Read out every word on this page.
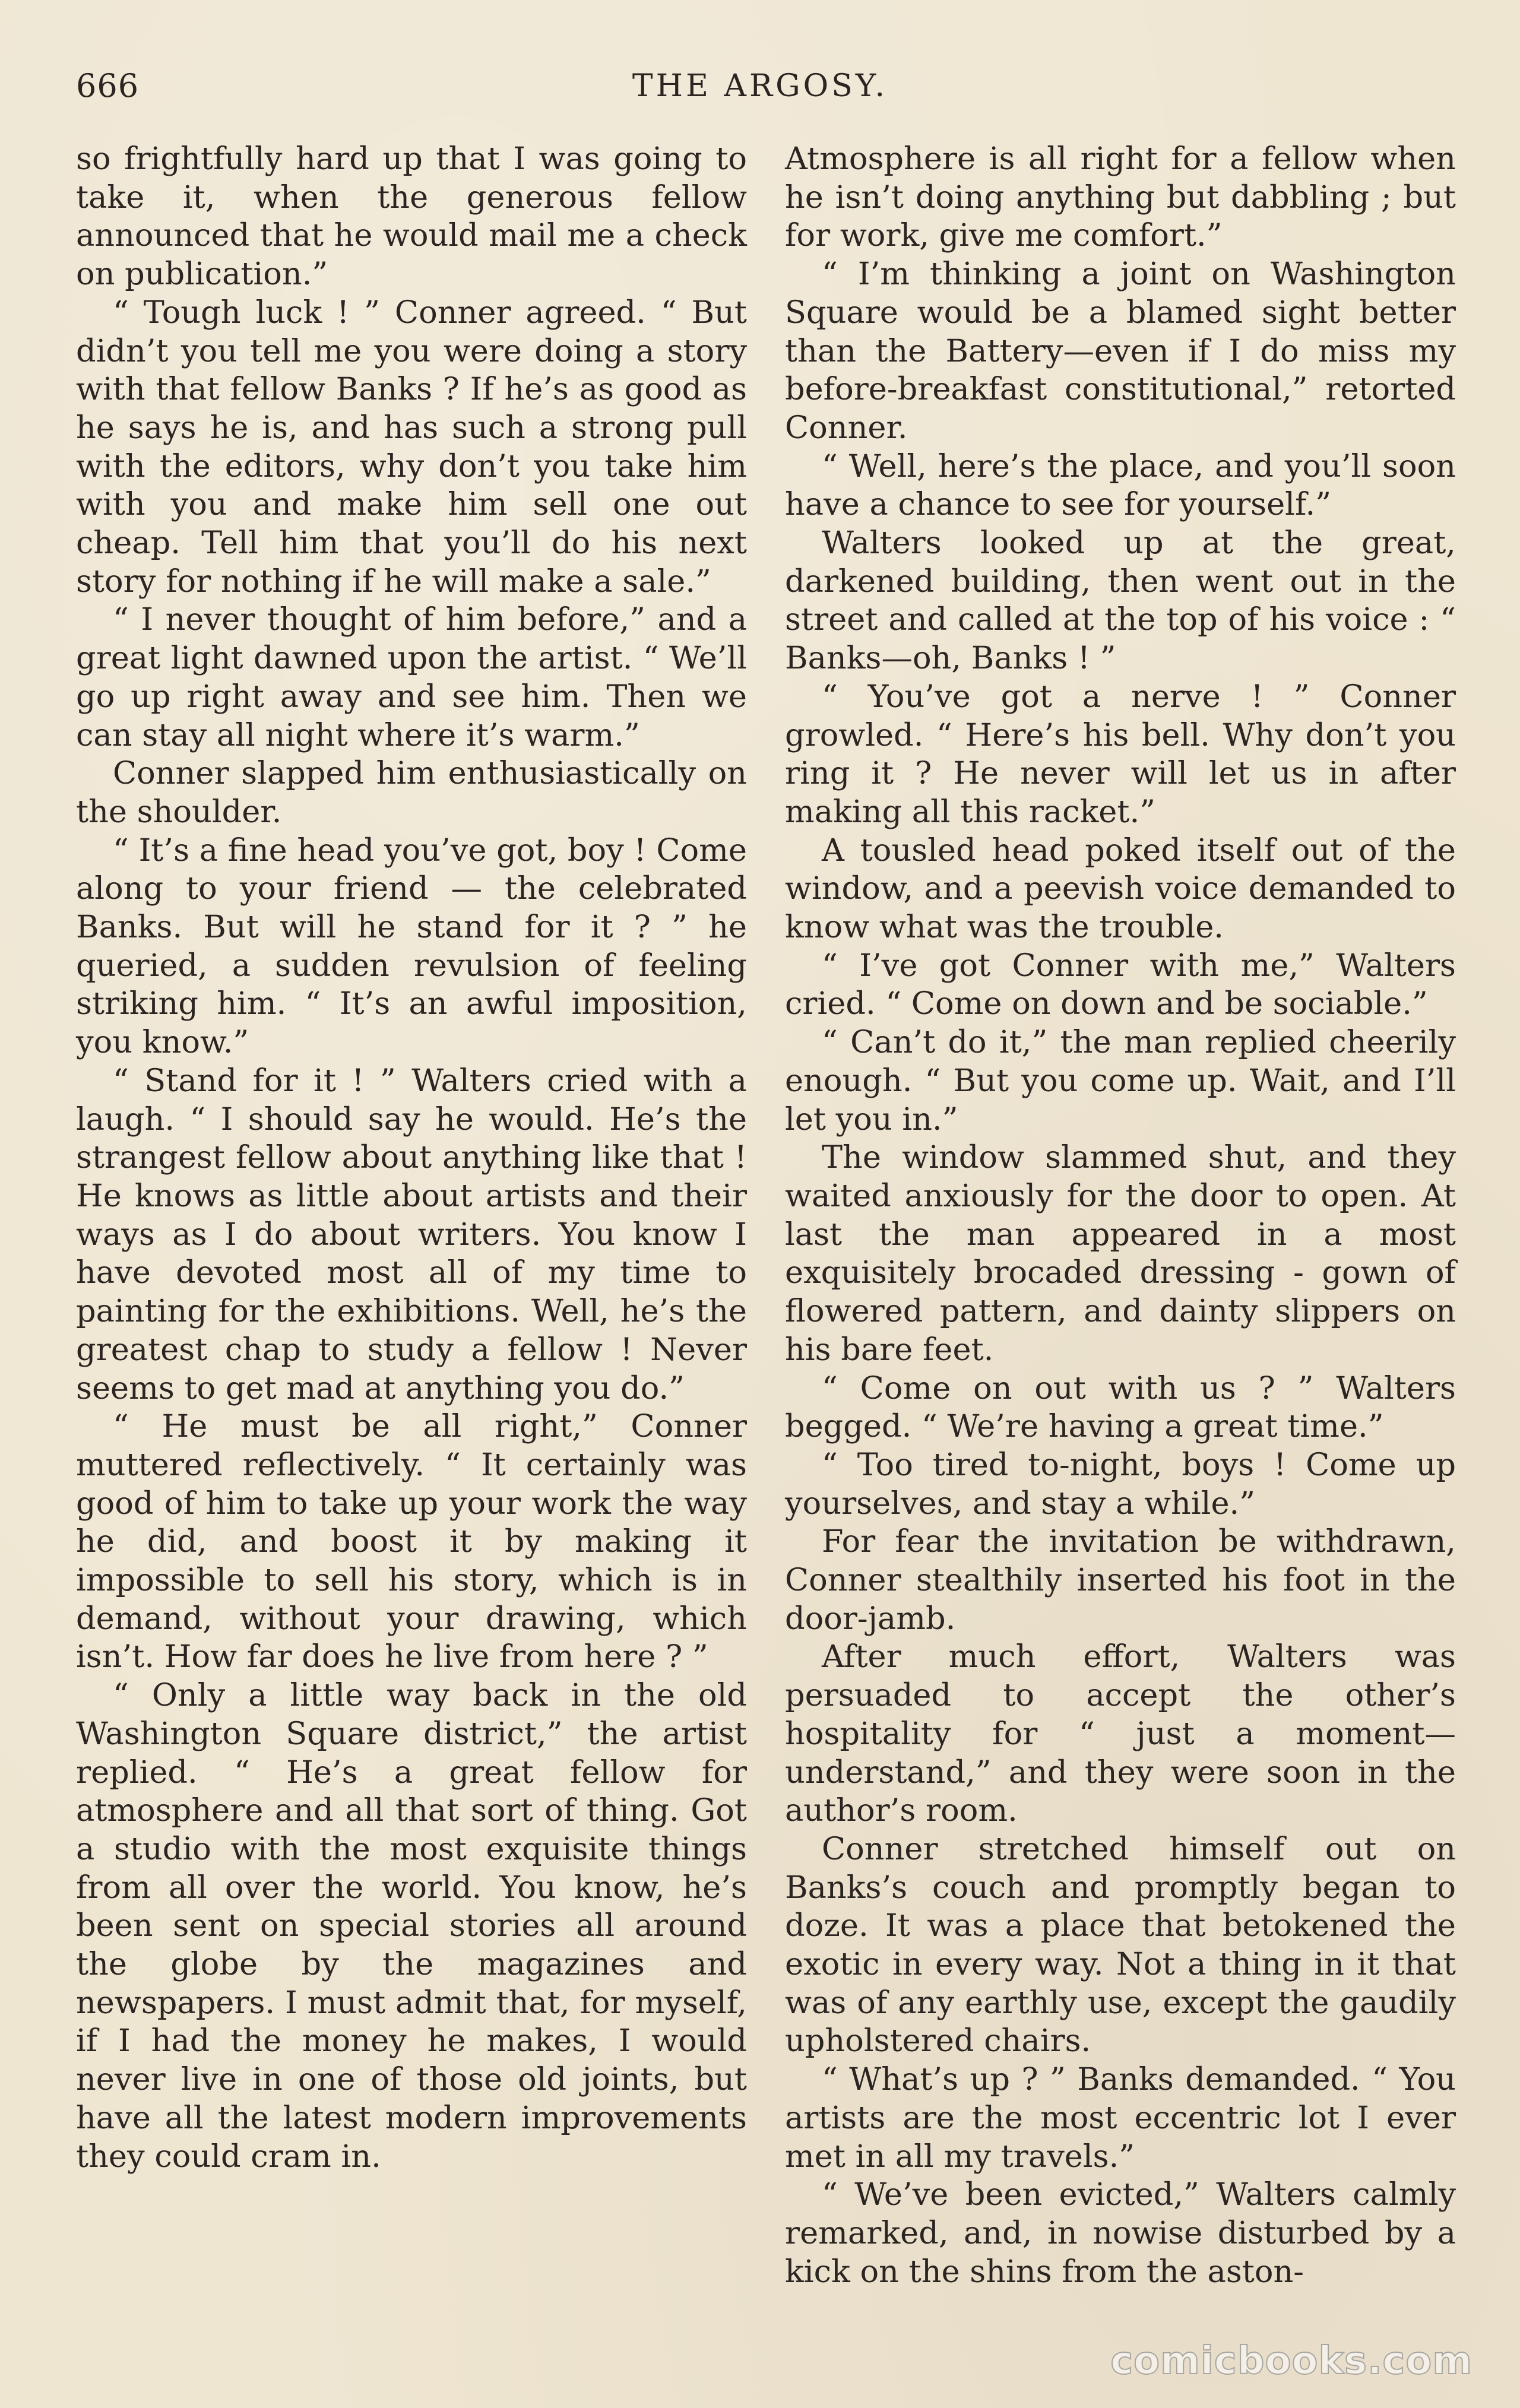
666	THE ARGOSY.

so frightfully hard up that I was going to take it, when the generous fellow announced that he would mail me a check on publication.”

“ Tough luck ! ” Conner agreed. “ But didn’t you tell me you were doing a story with that fellow Banks ? If he’s as good as he says he is, and has such a strong pull with the editors, why don’t you take him with you and make him sell one out cheap. Tell him that you’ll do his next story for nothing if he will make a sale.”

“ I never thought of him before,” and a great light dawned upon the artist. “ We’ll go up right away and see him. Then we can stay all night where it’s warm.”

Conner slapped him enthusiastically on the shoulder.

“ It’s a fine head you’ve got, boy ! Come along to your friend — the celebrated Banks. But will he stand for it ? ” he queried, a sudden revulsion of feeling striking him. “ It’s an awful imposition, you know.”

“ Stand for it ! ” Walters cried with a laugh. “ I should say he would. He’s the strangest fellow about anything like that ! He knows as little about artists and their ways as I do about writers. You know I have devoted most all of my time to painting for the exhibitions. Well, he’s the greatest chap to study a fellow ! Never seems to get mad at anything you do.”

“ He must be all right,” Conner muttered reflectively. “ It certainly was good of him to take up your work the way he did, and boost it by making it impossible to sell his story, which is in demand, without your drawing, which isn’t. How far does he live from here ? ”

“ Only a little way back in the old Washington Square district,” the artist replied. “ He’s a great fellow for atmosphere and all that sort of thing. Got a studio with the most exquisite things from all over the world. You know, he’s been sent on special stories all around the globe by the magazines and newspapers. I must admit that, for myself, if I had the money he makes, I would never live in one of those old joints, but have all the latest modern improvements they could cram in.

Atmosphere is all right for a fellow when he isn’t doing anything but dabbling ; but for work, give me comfort.”

“ I’m thinking a joint on Washington Square would be a blamed sight better than the Battery—even if I do miss my before-breakfast constitutional,” retorted Conner.

“ Well, here’s the place, and you’ll soon have a chance to see for yourself.”

Walters looked up at the great, darkened building, then went out in the street and called at the top of his voice : “ Banks—oh, Banks ! ”

“ You’ve got a nerve ! ” Conner growled. “ Here’s his bell. Why don’t you ring it ? He never will let us in after making all this racket.”

A tousled head poked itself out of the window, and a peevish voice demanded to know what was the trouble.

“ I’ve got Conner with me,” Walters cried. “ Come on down and be sociable.”

“ Can’t do it,” the man replied cheerily enough. “ But you come up. Wait, and I’ll let you in.”

The window slammed shut, and they waited anxiously for the door to open. At last the man appeared in a most exquisitely brocaded dressing - gown of flowered pattern, and dainty slippers on his bare feet.

“ Come on out with us ? ” Walters begged. “ We’re having a great time.”

“ Too tired to-night, boys ! Come up yourselves, and stay a while.”

For fear the invitation be withdrawn, Conner stealthily inserted his foot in the door-jamb.

After much effort, Walters was persuaded to accept the other’s hospitality for “ just a moment—understand,” and they were soon in the author’s room.

Conner stretched himself out on Banks’s couch and promptly began to doze. It was a place that betokened the exotic in every way. Not a thing in it that was of any earthly use, except the gaudily upholstered chairs.

“ What’s up ? ” Banks demanded. “ You artists are the most eccentric lot I ever met in all my travels.”

“ We’ve been evicted,” Walters calmly remarked, and, in nowise disturbed by a kick on the shins from the aston-

comicbooks.com
